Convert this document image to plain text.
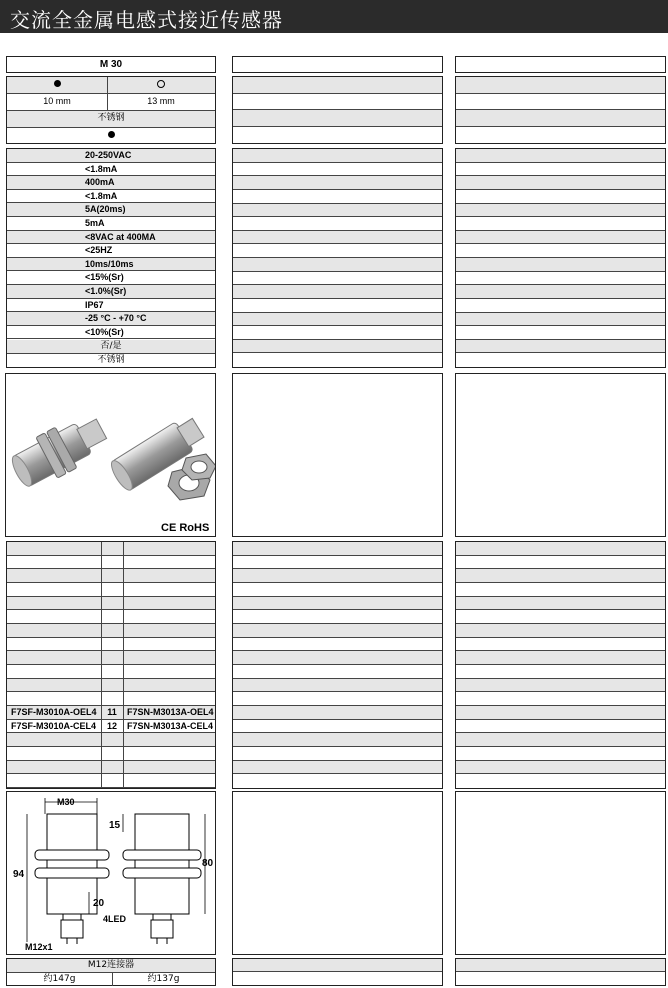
交流全金属电感式接近传感器
M 30
10 mm	13 mm
不锈钢
20-250VAC
<1.8mA
400mA
<1.8mA
5A(20ms)
5mA
<8VAC at 400MA
<25HZ
10ms/10ms
<15%(Sr)
<1.0%(Sr)
IP67
-25 °C - +70 °C
<10%(Sr)
否/是
不锈钢
CE RoHS
F7SF-M3010A-OEL4	11	F7SN-M3013A-OEL4
F7SF-M3010A-CEL4	12	F7SN-M3013A-CEL4
M30
94
20
4LED
M12x1
15
80
M12连接器
约147g	约137g
